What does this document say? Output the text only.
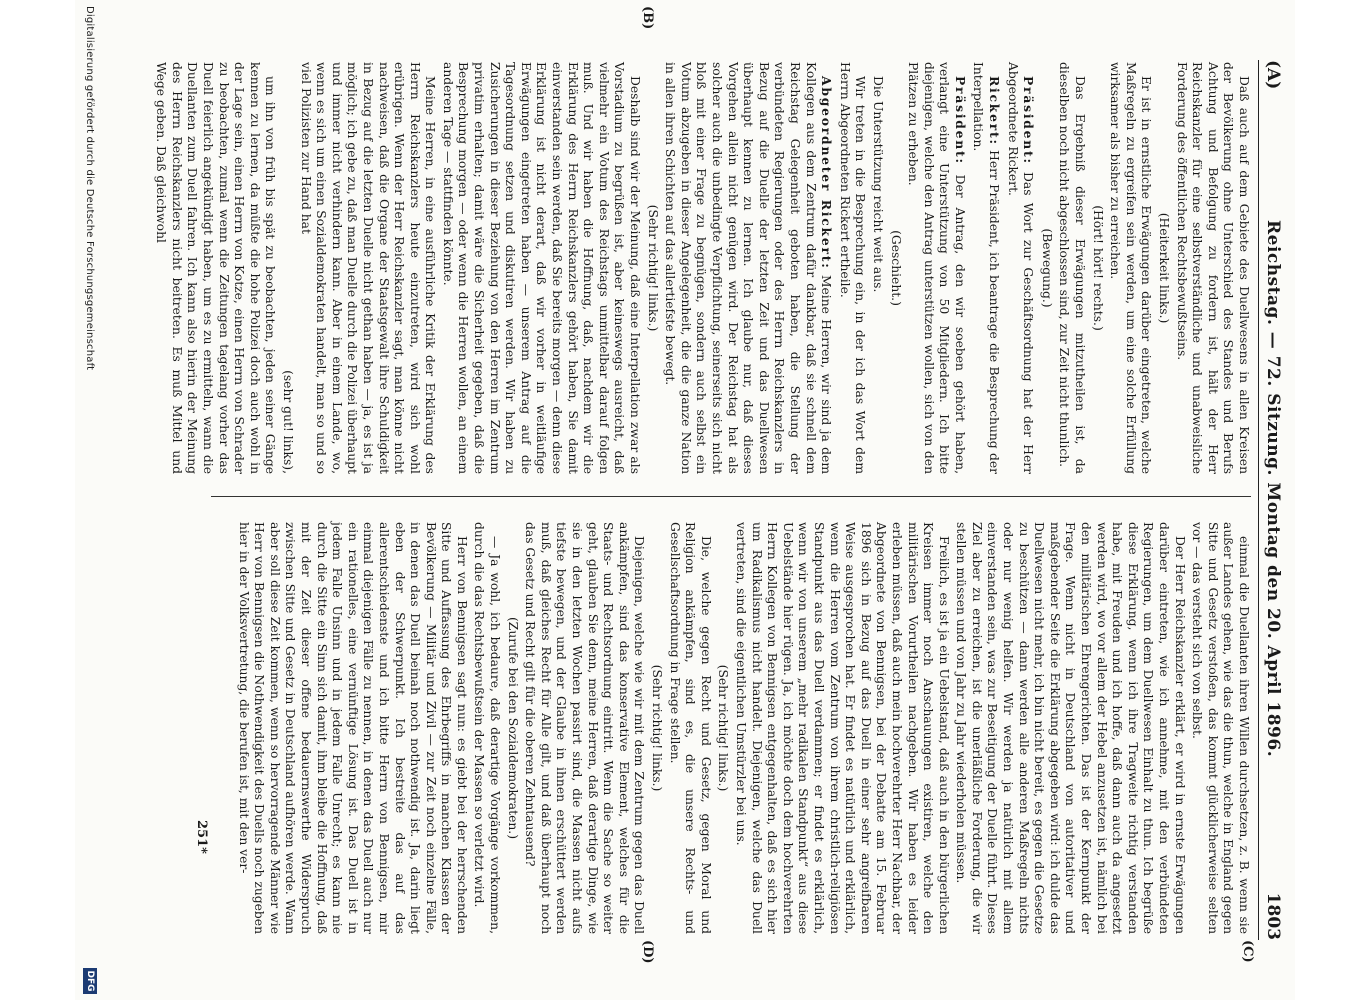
(A)
Reichstag. — 72. Sitzung. Montag den 20. April 1896.
1803
(C)
(B)
(D)

Daß auch auf dem Gebiete des Duellwesens in allen Kreisen der Bevölkerung ohne Unterschied des Standes und Berufs Achtung und Befolgung zu fordern ist, hält der Herr Reichskanzler für eine selbstverständliche und unabweisliche Forderung des öffentlichen Rechtsbewußtseins.

(Heiterkeit links.)

Er ist in ernstliche Erwägungen darüber eingetreten, welche Maßregeln zu ergreifen sein werden, um eine solche Erfüllung wirksamer als bisher zu erreichen.

(Hört! hört! rechts.)

Das Ergebniß dieser Erwägungen mitzutheilen ist, da dieselben noch nicht abgeschlossen sind, zur Zeit nicht thunlich.

(Bewegung.)

Präsident: Das Wort zur Geschäftsordnung hat der Herr Abgeordnete Rickert.

Rickert: Herr Präsident, ich beantrage die Besprechung der Interpellation.

Präsident: Der Antrag, den wir soeben gehört haben, verlangt eine Unterstützung von 50 Mitgliedern. Ich bitte diejenigen, welche den Antrag unterstützen wollen, sich von den Plätzen zu erheben.

(Geschieht.)

Die Unterstützung reicht weit aus.

Wir treten in die Besprechung ein, in der ich das Wort dem Herrn Abgeordneten Rickert ertheile.

Abgeordneter Rickert: Meine Herren, wir sind ja dem Kollegen aus dem Zentrum dafür dankbar, daß sie schnell dem Reichstag Gelegenheit geboten haben, die Stellung der verbündeten Regierungen oder des Herrn Reichskanzlers in Bezug auf die Duelle der letzten Zeit und das Duellwesen überhaupt kennen zu lernen. Ich glaube nur, daß dieses Vorgehen allein nicht genügen wird. Der Reichstag hat als solcher auch die unbedingte Verpflichtung, seinerseits sich nicht bloß mit einer Frage zu begnügen, sondern auch selbst ein Votum abzugeben in dieser Angelegenheit, die die ganze Nation in allen ihren Schichten auf das allertiefste bewegt.

(Sehr richtig! links.)

Deshalb sind wir der Meinung, daß eine Interpellation zwar als Vorstadium zu begrüßen ist, aber keineswegs ausreicht, daß vielmehr ein Votum des Reichstags unmittelbar darauf folgen muß. Und wir haben die Hoffnung, daß, nachdem wir die Erklärung des Herrn Reichskanzlers gehört haben, Sie damit einverstanden sein werden, daß Sie bereits morgen — denn diese Erklärung ist nicht derart, daß wir vorher in weitläufige Erwägungen eingetreten haben — unserem Antrag auf die Tagesordnung setzen und diskutiren werden. Wir haben zu Zusicherungen in dieser Beziehung von den Herren im Zentrum privatim erhalten; damit wäre die Sicherheit gegeben, daß die Besprechung morgen — oder wenn die Herren wollen, an einem anderen Tage — stattfinden könnte.

Meine Herren, in eine ausführliche Kritik der Erklärung des Herrn Reichskanzlers heute einzutreten, wird sich wohl erübrigen. Wenn der Herr Reichskanzler sagt, man könne nicht nachweisen, daß die Organe der Staatsgewalt ihre Schuldigkeit in Bezug auf die letzten Duelle nicht gethan haben — ja, es ist ja möglich; ich gebe zu, daß man Duelle durch die Polizei überhaupt und immer nicht verhindern kann. Aber in einem Lande, wo, wenn es sich um einen Sozialdemokraten handelt, man so und so viel Polizisten zur Hand hat

(sehr gut! links),

um ihn von früh bis spät zu beobachten, jeden seiner Gänge kennen zu lernen, da müßte die hohe Polizei doch auch wohl in der Lage sein, einen Herrn von Kotze, einen Herrn von Schrader zu beobachten, zumal wenn die Zeitungen tagelang vorher das Duell feierlich angekündigt haben, um es zu ermitteln, wann die Duellanten zum Duell fahren. Ich kann also hierin der Meinung des Herrn Reichskanzlers nicht beitreten. Es muß Mittel und Wege geben. Daß gleichwohl

einmal die Duellanten ihren Willen durchsetzen, z. B. wenn sie außer Landes gehen, wie das die thun, welche in England gegen Sitte und Gesetz verstoßen, das kommt glücklicherweise selten vor — das versteht sich von selbst.

Der Herr Reichskanzler erklärt, er wird in ernste Erwägungen darüber eintreten, wie ich annehme, mit den verbündeten Regierungen, um dem Duellwesen Einhalt zu thun. Ich begrüße diese Erklärung, wenn ich ihre Tragweite richtig verstanden habe, mit Freuden und ich hoffe, daß dann auch da angesetzt werden wird, wo vor allem der Hebel anzusetzen ist, nämlich bei den militärischen Ehrengerichten. Das ist der Kernpunkt der Frage. Wenn nicht in Deutschland von autoritativer und maßgebender Seite die Erklärung abgegeben wird: ich dulde das Duellwesen nicht mehr, ich bin nicht bereit, es gegen die Gesetze zu beschützen — dann werden alle anderen Maßregeln nichts oder nur wenig helfen. Wir werden ja natürlich mit allem einverstanden sein, was zur Beseitigung der Duelle führt. Dieses Ziel aber zu erreichen, ist die unerläßliche Forderung, die wir stellen müssen und von Jahr zu Jahr wiederholen müssen.

Freilich, es ist ja ein Uebelstand, daß auch in den bürgerlichen Kreisen immer noch Anschauungen existiren, welche den militärischen Vorurtheilen nachgeben. Wir haben es leider erleben müssen, daß auch mein hochverehrter Herr Nachbar, der Abgeordnete von Bennigsen, bei der Debatte am 15. Februar 1896 sich in Bezug auf das Duell in einer sehr angreifbaren Weise ausgesprochen hat. Er findet es natürlich und erklärlich, wenn die Herren vom Zentrum von ihrem christlich-religiösen Standpunkt aus das Duell verdammen; er findet es erklärlich, wenn wir von unserem „mehr radikalen Standpunkt“ aus diese Uebelstände hier rügen. Ja, ich möchte doch dem hochverehrten Herrn Kollegen von Bennigsen entgegenhalten, daß es sich hier um Radikalismus nicht handelt. Diejenigen, welche das Duell vertreten, sind die eigentlichen Umstürzler bei uns.

(Sehr richtig! links.)

Die, welche gegen Recht und Gesetz, gegen Moral und Religion ankämpfen, sind es, die unsere Rechts- und Gesellschaftsordnung in Frage stellen.

(Sehr richtig! links.)

Diejenigen, welche wie wir mit dem Zentrum gegen das Duell ankämpfen, sind das konservative Element, welches für die Staats- und Rechtsordnung eintritt. Wenn die Sache so weiter geht, glauben Sie denn, meine Herren, daß derartige Dinge, wie sie in den letzten Wochen passirt sind, die Massen nicht aufs tiefste bewegen, und der Glaube in ihnen erschüttert werden muß, daß gleiches Recht für Alle gilt, und daß überhaupt noch das Gesetz und Recht gilt für die oberen Zehntausend?

(Zurufe bei den Sozialdemokraten.)

— Ja wohl, ich bedaure, daß derartige Vorgänge vorkommen, durch die das Rechtsbewußtsein der Massen so verletzt wird.

Herr von Bennigsen sagt nun: es giebt bei der herrschenden Sitte und Auffassung des Ehrbegriffs in manchen Klassen der Bevölkerung — Militär und Zivil — zur Zeit noch einzelne Fälle, in denen das Duell beinah noch nothwendig ist. Ja, darin liegt eben der Schwerpunkt. Ich bestreite das auf das allerentschiedenste und ich bitte Herrn von Bennigsen, mir einmal diejenigen Fälle zu nennen, in denen das Duell auch nur ein rationelles, eine vernünftige Lösung ist. Das Duell ist in jedem Falle Unsinn und in jedem Falle Unrecht; es kann nie durch die Sitte ein Sinn sich damit, ihm bleibe die Hoffnung, daß mit der Zeit dieser offene bedauernswerthe Widerspruch zwischen Sitte und Gesetz in Deutschland aufhören werde. Wann aber soll diese Zeit kommen, wenn so hervorragende Männer wie Herr von Bennigsen die Nothwendigkeit des Duells noch zugeben hier in der Volksvertretung, die berufen ist, mit den ver-

251*
Digitalisierung gefördert durch die Deutsche Forschungsgemeinschaft
DFG
